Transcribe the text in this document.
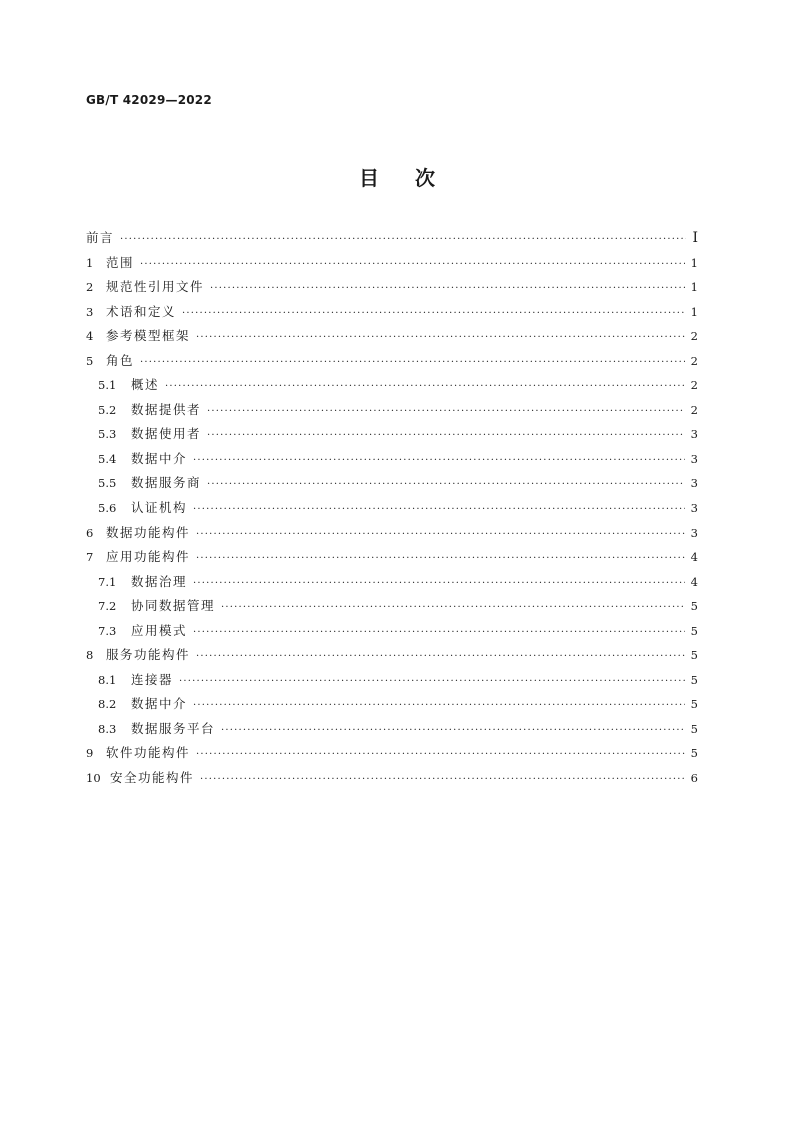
GB/T 42029—2022

目次
前言 ·····	I
1	范围 ·····	1
2	规范性引用文件 ·····	1
3	术语和定义 ·····	1
4	参考模型框架 ·····	2
5	角色 ·····	2
5.1	概述 ·····	2
5.2	数据提供者 ·····	2
5.3	数据使用者 ·····	3
5.4	数据中介 ·····	3
5.5	数据服务商 ·····	3
5.6	认证机构 ·····	3
6	数据功能构件 ·····	3
7	应用功能构件 ·····	4
7.1	数据治理 ·····	4
7.2	协同数据管理 ·····	5
7.3	应用模式 ·····	5
8	服务功能构件 ·····	5
8.1	连接器 ·····	5
8.2	数据中介 ·····	5
8.3	数据服务平台 ·····	5
9	软件功能构件 ·····	5
10 安全功能构件 ·····	6
